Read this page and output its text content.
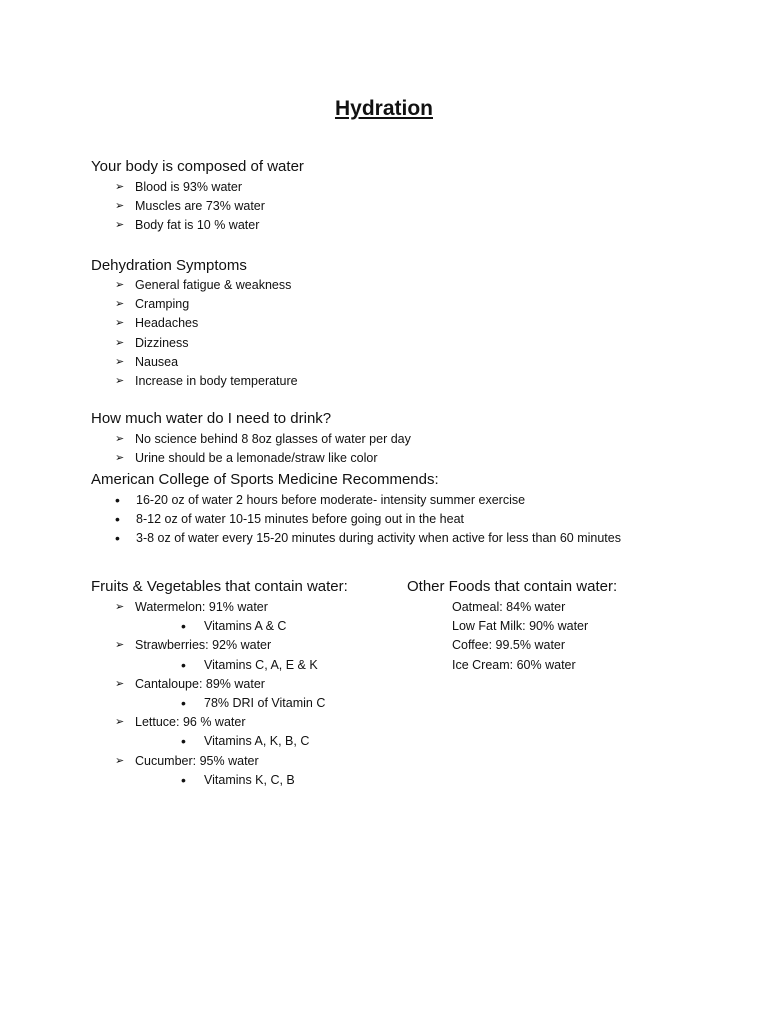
Hydration
Your body is composed of water
➢ Blood is 93% water
➢ Muscles are 73% water
➢ Body fat is 10 % water
Dehydration Symptoms
➢ General fatigue & weakness
➢ Cramping
➢ Headaches
➢ Dizziness
➢ Nausea
➢ Increase in body temperature
How much water do I need to drink?
➢ No science behind 8 8oz glasses of water per day
➢ Urine should be a lemonade/straw like color
American College of Sports Medicine Recommends:
• 16-20 oz of water 2 hours before moderate- intensity summer exercise
• 8-12 oz of water 10-15 minutes before going out in the heat
• 3-8 oz of water every 15-20 minutes during activity when active for less than 60 minutes
Fruits & Vegetables that contain water:
➢ Watermelon: 91% water
• Vitamins A & C
➢ Strawberries: 92% water
• Vitamins C, A, E & K
➢ Cantaloupe: 89% water
• 78% DRI of Vitamin C
➢ Lettuce: 96 % water
• Vitamins A, K, B, C
➢ Cucumber: 95% water
• Vitamins K, C, B
Other Foods that contain water:
Oatmeal: 84% water
Low Fat Milk: 90% water
Coffee: 99.5% water
Ice Cream: 60% water
